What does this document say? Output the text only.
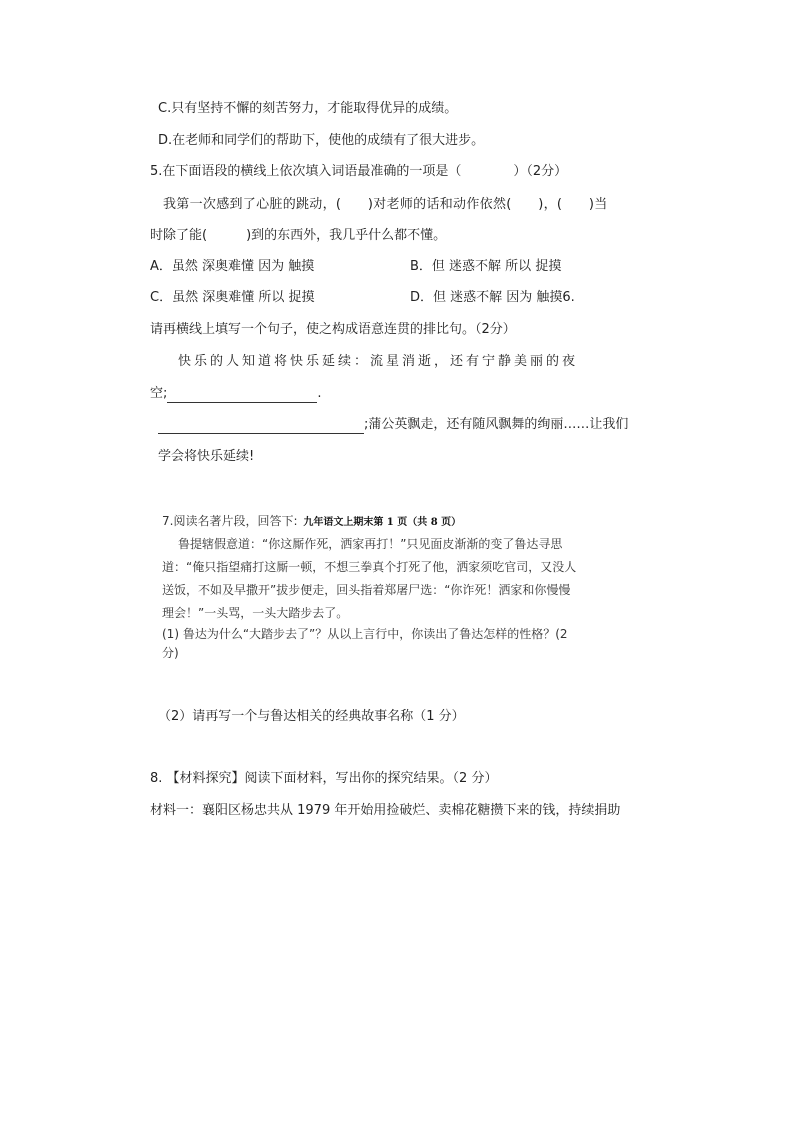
C.只有坚持不懈的刻苦努力，才能取得优异的成绩。
D.在老师和同学们的帮助下，使他的成绩有了很大进步。
5.在下面语段的横线上依次填入词语最准确的一项是（　　　　）（2分）
我第一次感到了心脏的跳动，(　　)对老师的话和动作依然(　　)，(　　)当
时除了能(　　　)到的东西外，我几乎什么都不懂。
A．虽然 深奥难懂 因为 触摸	B．但 迷惑不解 所以 捉摸
C．虽然 深奥难懂 所以 捉摸	D．但 迷惑不解 因为 触摸6.
请再横线上填写一个句子，使之构成语意连贯的排比句。（2分）
快乐的人知道将快乐延续：流星消逝，还有宁静美丽的夜
空;	.
;蒲公英飘走，还有随风飘舞的绚丽……让我们
学会将快乐延续!
7.阅读名著片段，回答下: 九年语文上期末第 1 页（共 8 页）
鲁提辖假意道：“你这厮作死，洒家再打！”只见面皮渐渐的变了鲁达寻思
道：“俺只指望痛打这厮一顿，不想三拳真个打死了他，洒家须吃官司，又没人
送饭，不如及早撒开”拔步便走，回头指着郑屠尸选：“你诈死！洒家和你慢慢
理会！”一头骂，一头大踏步去了。
(1) 鲁达为什么“大踏步去了”？从以上言行中，你读出了鲁达怎样的性格？(2
分)
（2）请再写一个与鲁达相关的经典故事名称（1 分）
8. 【材料探究】阅读下面材料，写出你的探究结果。（2 分）
材料一：襄阳区杨忠共从 1979 年开始用捡破烂、卖棉花糖攒下来的钱，持续捐助
